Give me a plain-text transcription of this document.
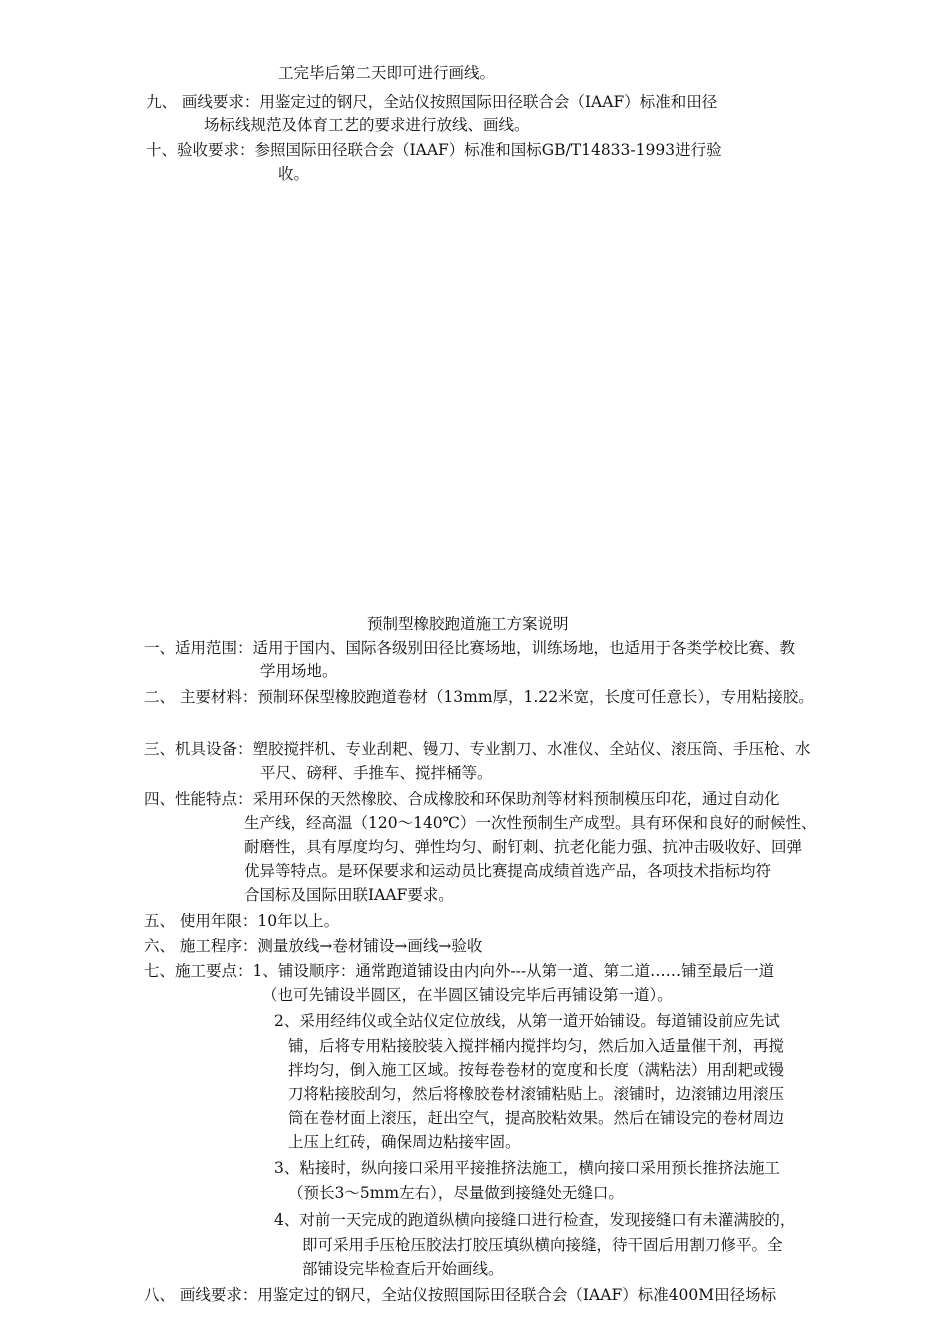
工完毕后第二天即可进行画线。
九、 画线要求：用鉴定过的钢尺，全站仪按照国际田径联合会（IAAF）标准和田径
场标线规范及体育工艺的要求进行放线、画线。
十、验收要求：参照国际田径联合会（IAAF）标准和国标GB/T14833-1993进行验
收。
预制型橡胶跑道施工方案说明
一、适用范围：适用于国内、国际各级别田径比赛场地，训练场地，也适用于各类学校比赛、教
学用场地。
二、 主要材料：预制环保型橡胶跑道卷材（13mm厚，1.22米宽，长度可任意长），专用粘接胶。
三、机具设备：塑胶搅拌机、专业刮耙、镘刀、专业割刀、水准仪、全站仪、滚压筒、手压枪、水
平尺、磅秤、手推车、搅拌桶等。
四、性能特点：采用环保的天然橡胶、合成橡胶和环保助剂等材料预制模压印花，通过自动化
生产线，经高温（120～140℃）一次性预制生产成型。具有环保和良好的耐候性、
耐磨性，具有厚度均匀、弹性均匀、耐钉刺、抗老化能力强、抗冲击吸收好、回弹
优异等特点。是环保要求和运动员比赛提高成绩首选产品，各项技术指标均符
合国标及国际田联IAAF要求。
五、 使用年限：10年以上。
六、 施工程序：测量放线→卷材铺设→画线→验收
七、施工要点：1、铺设顺序：通常跑道铺设由内向外---从第一道、第二道……铺至最后一道
（也可先铺设半圆区，在半圆区铺设完毕后再铺设第一道）。
2、采用经纬仪或全站仪定位放线，从第一道开始铺设。每道铺设前应先试
铺，后将专用粘接胶装入搅拌桶内搅拌均匀，然后加入适量催干剂，再搅
拌均匀，倒入施工区域。按每卷卷材的宽度和长度（满粘法）用刮耙或镘
刀将粘接胶刮匀，然后将橡胶卷材滚铺粘贴上。滚铺时，边滚铺边用滚压
筒在卷材面上滚压，赶出空气，提高胶粘效果。然后在铺设完的卷材周边
上压上红砖，确保周边粘接牢固。
3、粘接时，纵向接口采用平接推挤法施工，横向接口采用预长推挤法施工
（预长3～5mm左右），尽量做到接缝处无缝口。
4、对前一天完成的跑道纵横向接缝口进行检查，发现接缝口有未灌满胶的，
即可采用手压枪压胶法打胶压填纵横向接缝，待干固后用割刀修平。全
部铺设完毕检查后开始画线。
八、 画线要求：用鉴定过的钢尺，全站仪按照国际田径联合会（IAAF）标准400M田径场标
